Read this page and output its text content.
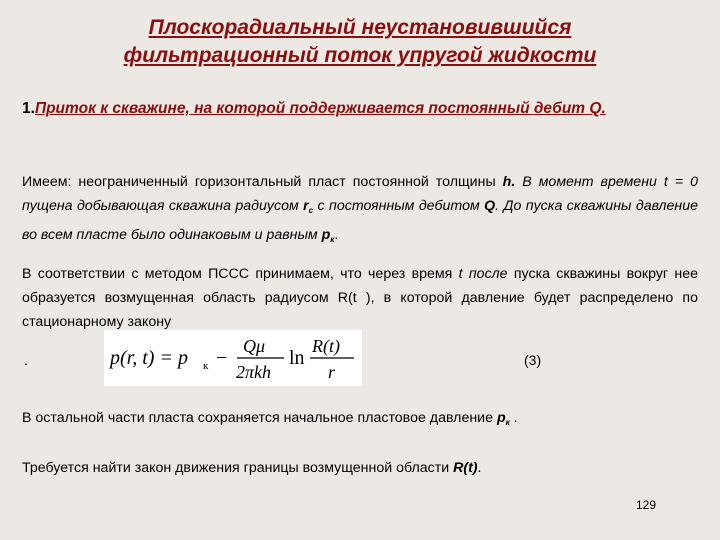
Плоскорадиальный неустановившийся
фильтрационный поток упругой жидкости
1.Приток к скважине, на которой поддерживается постоянный дебит Q.
Имеем: неограниченный горизонтальный пласт постоянной толщины h. В момент времени t = 0 пущена добывающая скважина радиусом $r_с$ с постоянным дебитом Q. До пуска скважины давление во всем пласте было одинаковым и равным $p_к$.
В соответствии с методом ПССС принимаем, что через время t после пуска скважины вокруг нее образуется возмущенная область радиусом R(t ), в которой давление будет распределено по стационарному закону
.	p(r, t) = p к −
Qμ
2πkh
ln
R(t)
r
(3)
В остальной части пласта сохраняется начальное пластовое давление $p_к$ .
Требуется найти закон движения границы возмущенной области R(t).
129
